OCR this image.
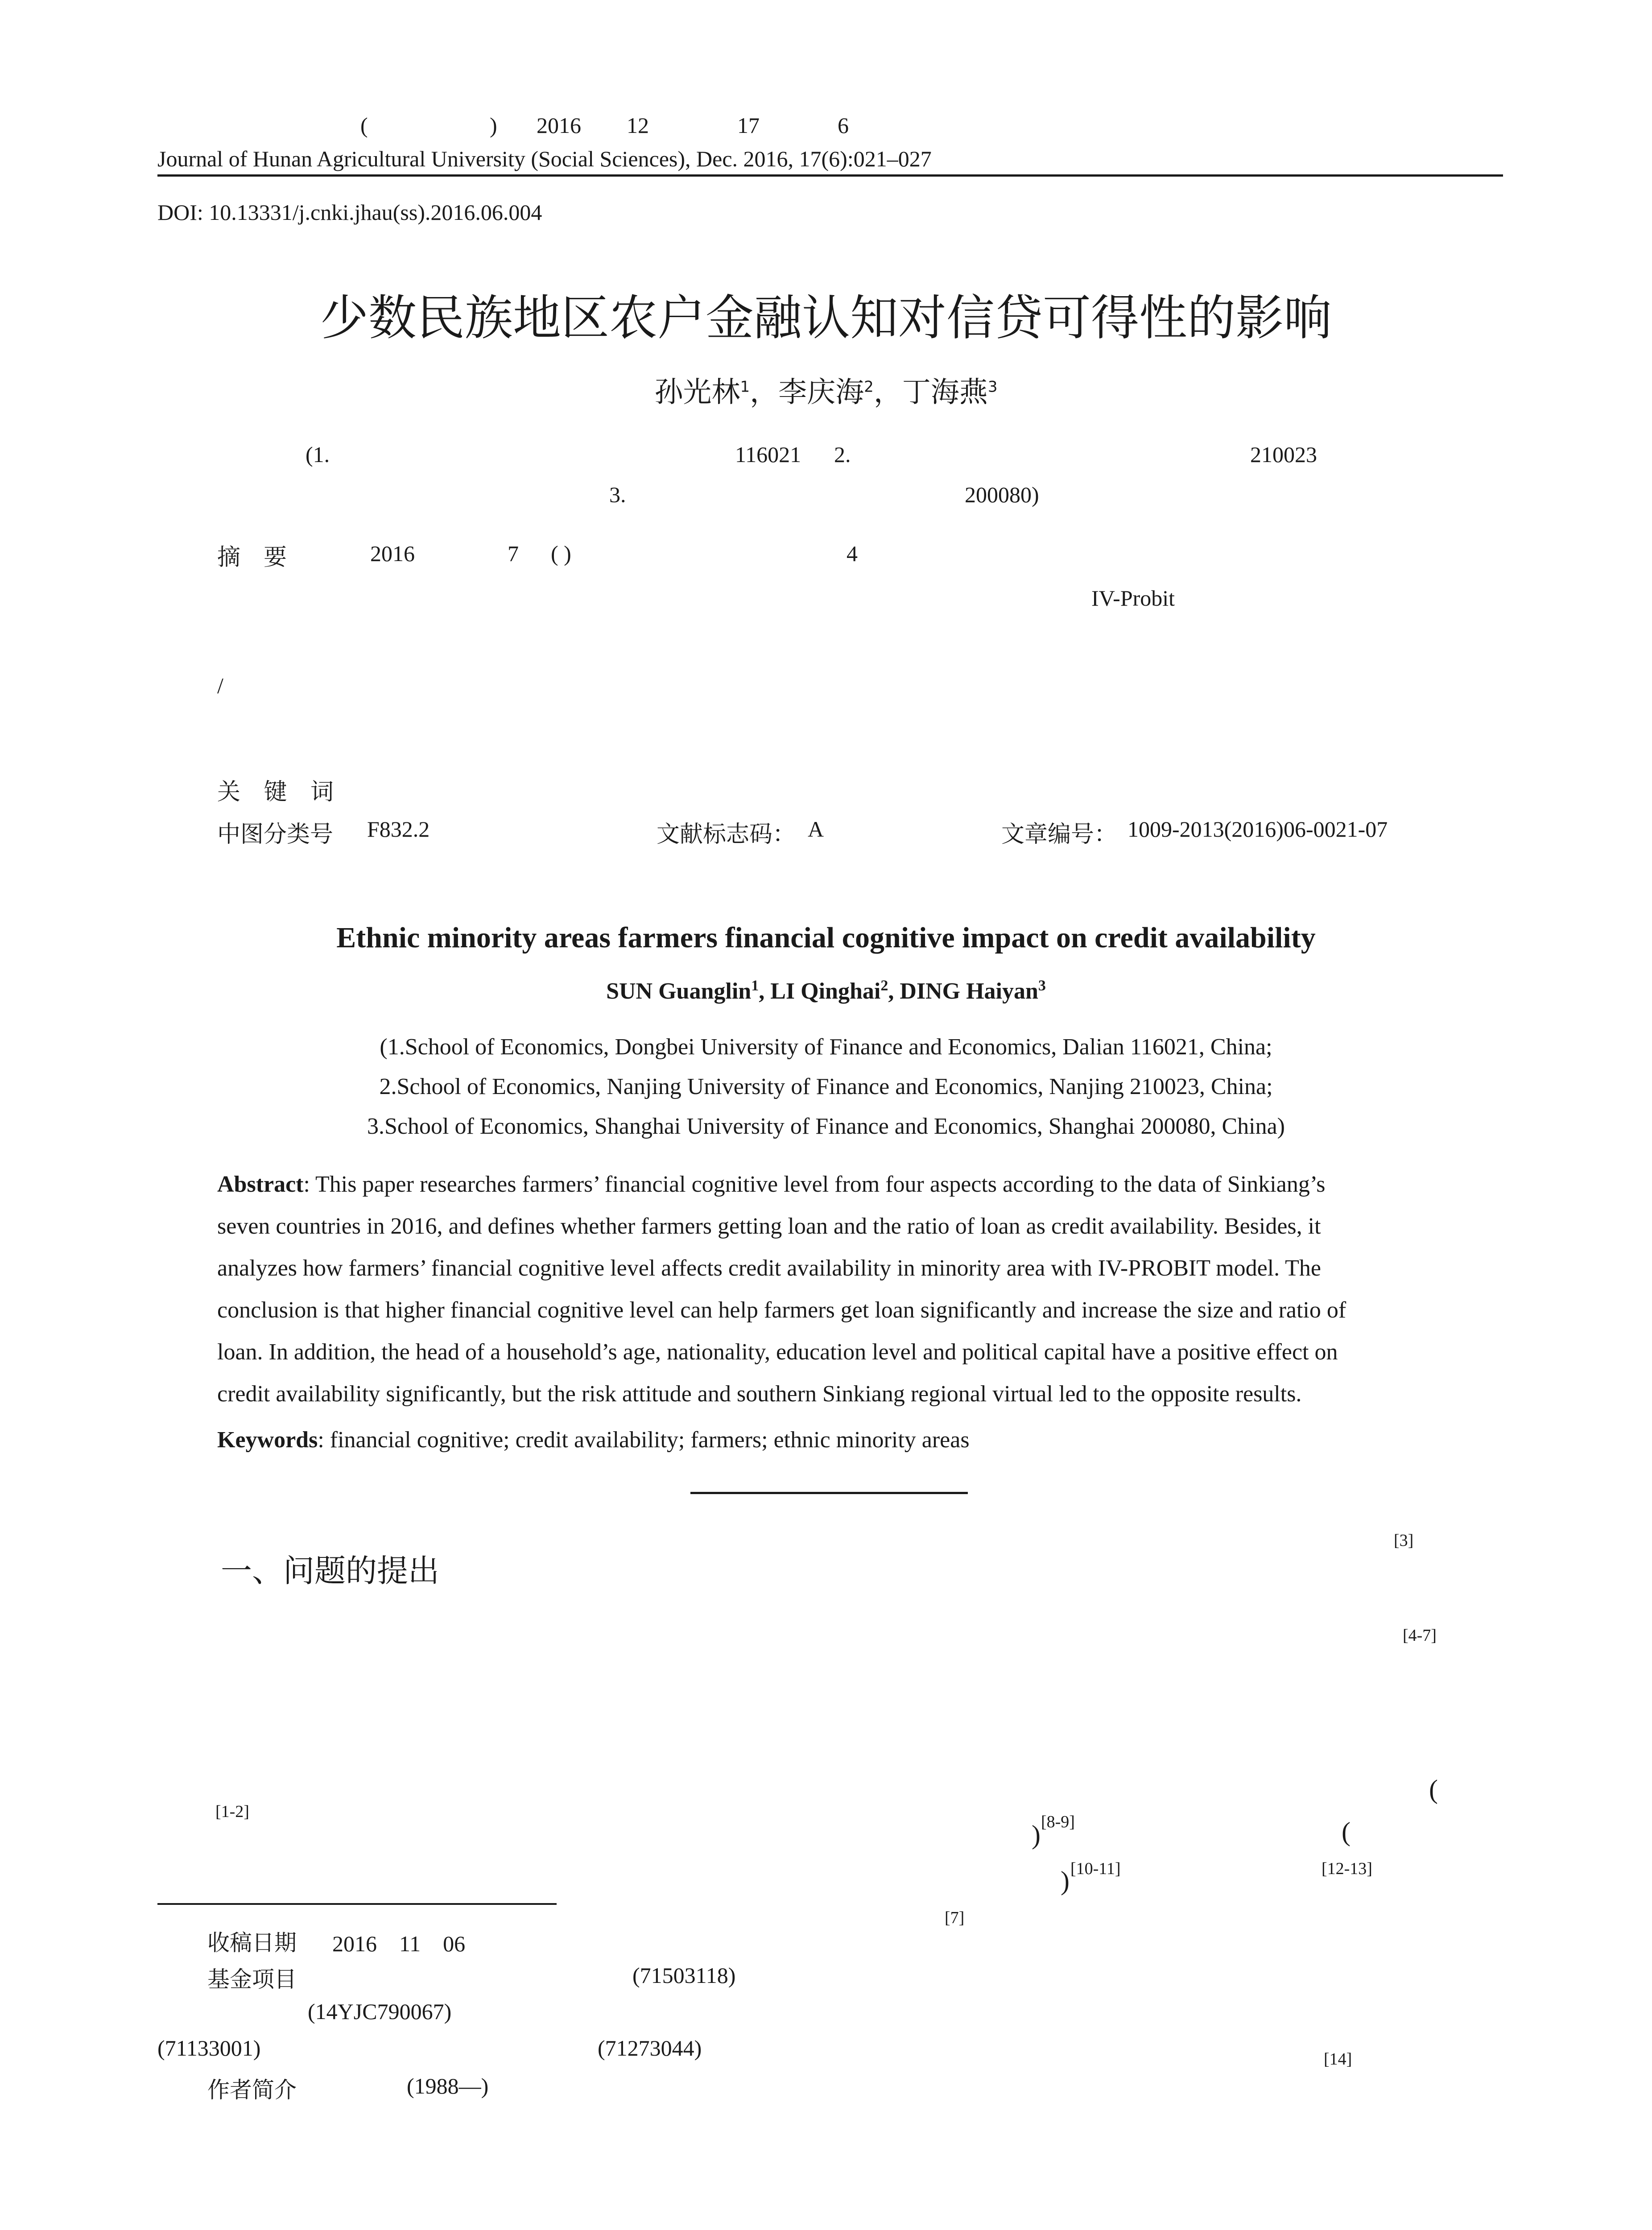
(	) 2016 12	17	6
Journal of Hunan Agricultural University (Social Sciences), Dec. 2016, 17(6):021–027
DOI: 10.13331/j.cnki.jhau(ss).2016.06.004
少数民族地区农户金融认知对信贷可得性的影响
孙光林$^1$，李庆海$^2$，丁海燕$^3$
(1.	116021 2.	210023
3.	200080)
摘　要	2016	7 ( )	4
IV-Probit
/
关 键 词
中图分类号 F832.2	文献标志码： A	文章编号： 1009-2013(2016)06-0021-07
Ethnic minority areas farmers financial cognitive impact on credit availability
SUN Guanglin$^1$, LI Qinghai$^2$, DING Haiyan$^3$
(1.School of Economics, Dongbei University of Finance and Economics, Dalian 116021, China;
2.School of Economics, Nanjing University of Finance and Economics, Nanjing 210023, China;
3.School of Economics, Shanghai University of Finance and Economics, Shanghai 200080, China)
Abstract: This paper researches farmers’ financial cognitive level from four aspects according to the data of Sinkiang’s
seven countries in 2016, and defines whether farmers getting loan and the ratio of loan as credit availability. Besides, it
analyzes how farmers’ financial cognitive level affects credit availability in minority area with IV-PROBIT model. The
conclusion is that higher financial cognitive level can help farmers get loan significantly and increase the size and ratio of
loan. In addition, the head of a household’s age, nationality, education level and political capital have a positive effect on
credit availability significantly, but the risk attitude and southern Sinkiang regional virtual led to the opposite results.
Keywords: financial cognitive; credit availability; farmers; ethnic minority areas
一、问题的提出
[3]
[4-7]
(
[1-2]
) [8-9]	(
) [10-11]	[12-13]
[7]
[14]
收稿日期 2016　11　06
基金项目	(71503118)
(14YJC790067)
(71133001)	(71273044)
作者简介	(1988—)
